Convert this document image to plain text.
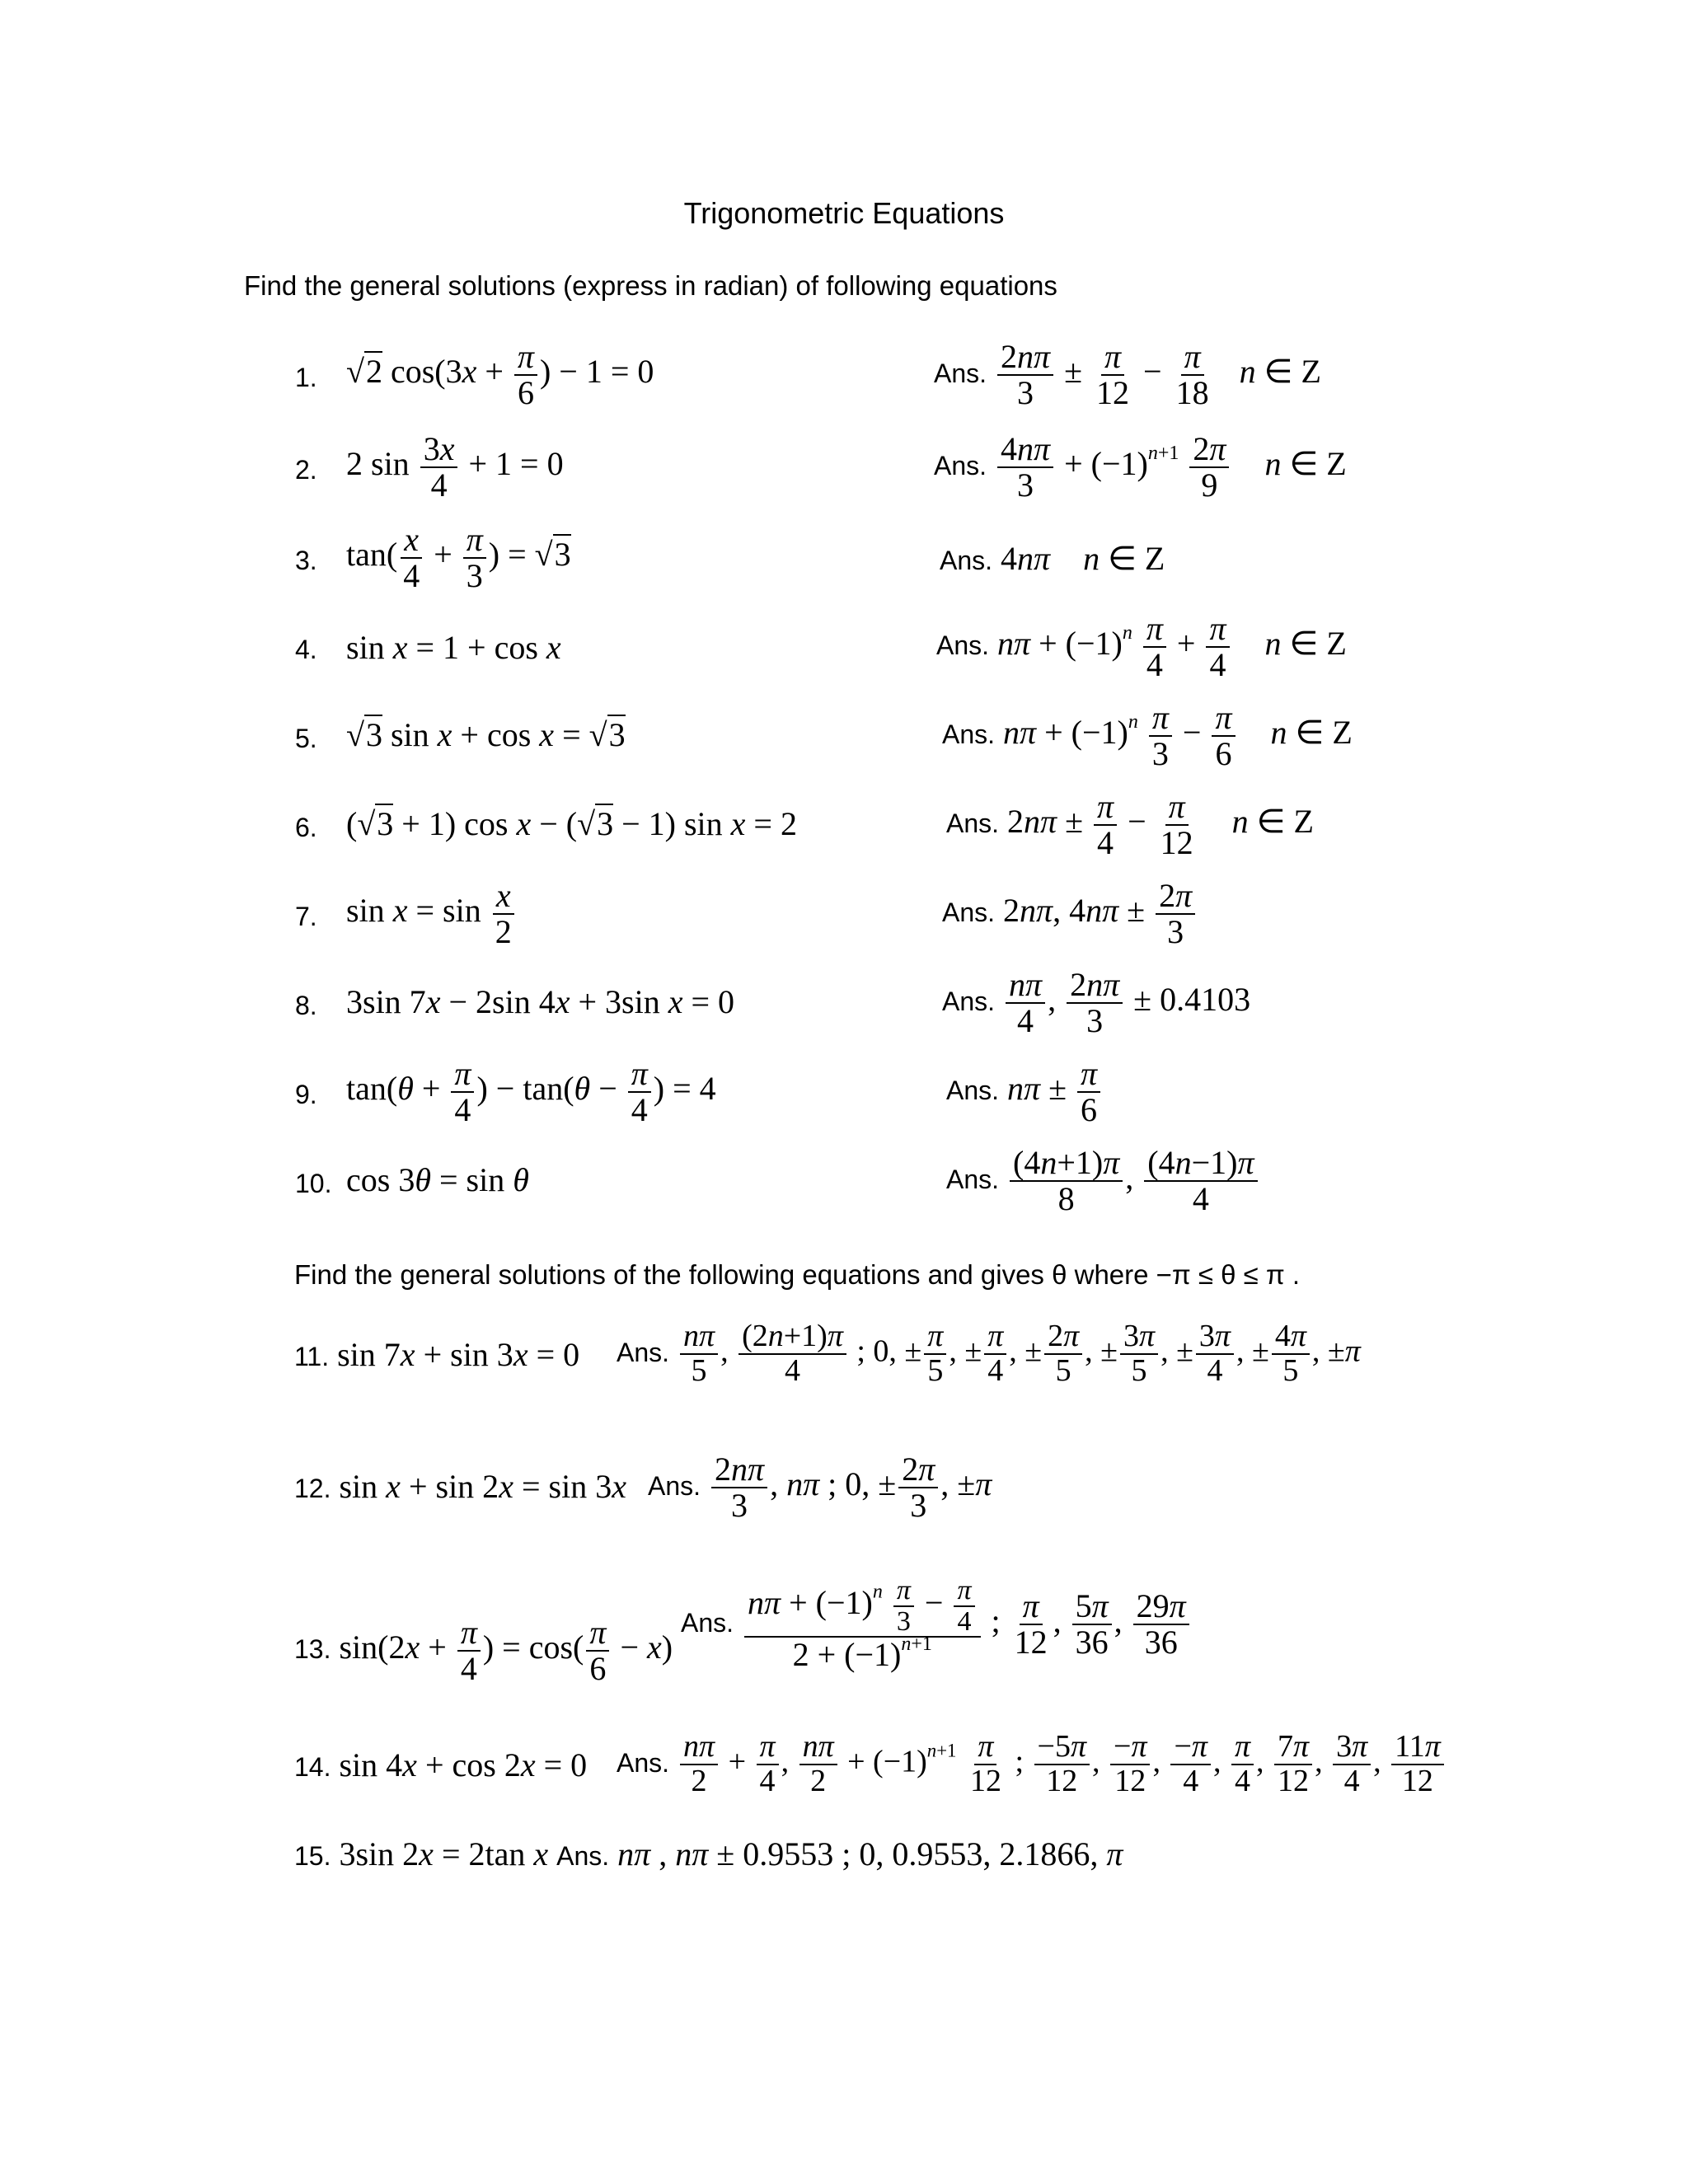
Trigonometric Equations
Find the general solutions (express in radian) of following equations
1. √2 $\cos(3x + \frac{\pi}{6}$ ) − 1 = 0	Ans. $\frac{2n\pi}{3} \pm \frac{\pi}{12} - \frac{\pi}{18}$ n ∈ Z
2. 2 $\sin \frac{3x}{4} + 1 = 0$	Ans. $\frac{4n\pi}{3} + (-1)^{n+1} \frac{2\pi}{9}$ n ∈ Z
3. $\tan( \frac{x}{4} + \frac{\pi}{3}$ ) = √3	Ans. 4nπ n ∈ Z
4. sin x = 1 + cos x	Ans. $n\pi + (-1)^n \frac{\pi}{4} + \frac{\pi}{4}$ n ∈ Z
5. √3 sin x + cos x = √3	Ans. $n\pi + (-1)^n \frac{\pi}{3} - \frac{\pi}{6}$ n ∈ Z
6. (√3 + 1) cos x − (√3 − 1) sin x = 2	Ans. $2n\pi \pm \frac{\pi}{4} - \frac{\pi}{12}$ n ∈ Z
7. $\sin x = \sin \frac{x}{2}$	Ans. 2nπ, $4n\pi \pm \frac{2\pi}{3}$
8. 3sin 7x − 2sin 4x + 3sin x = 0	Ans. $\frac{n\pi}{4}$ , $\frac{2n\pi}{3} \pm 0.4103$
9. $\tan(\theta + \frac{\pi}{4}$ ) − $\tan(\theta - \frac{\pi}{4}$ ) = 4	Ans. $n\pi \pm \frac{\pi}{6}$
10. cos 3θ = sin θ	Ans. $\frac{(4n+1)\pi}{8}$ , $\frac{(4n-1)\pi}{4}$
Find the general solutions of the following equations and gives θ where −π ≤ θ ≤ π .
11. sin 7x + sin 3x = 0 Ans. $\frac{n\pi}{5}$ , $\frac{(2n+1)\pi}{4}$ ; 0, ± $\frac{\pi}{5}$ , ± $\frac{\pi}{4}$ , ± $\frac{2\pi}{5}$ , ± $\frac{3\pi}{5}$ , ± $\frac{3\pi}{4}$ , ± $\frac{4\pi}{5}$ , ±π
12. sin x + sin 2x = sin 3x Ans. $\frac{2n\pi}{3}$ , nπ ; 0, ± $\frac{2\pi}{3}$ , ±π
13. $\sin(2x + \frac{\pi}{4}$ ) = $\cos( \frac{\pi}{6} - x)$
Ans. $\frac{n\pi + (-1)^n \frac{\pi}{3} - \frac{\pi}{4}}{2 + (-1)^{n+1}}$ ; $\frac{\pi}{12}$ , $\frac{5\pi}{36}$ , $\frac{29\pi}{36}$
14. sin 4x + cos 2x = 0 Ans. $\frac{n\pi}{2} + \frac{\pi}{4}$ , $\frac{n\pi}{2} + (-1)^{n+1} \frac{\pi}{12}$ ; $\frac{-5\pi}{12}$ , $\frac{-\pi}{12}$ , $\frac{-\pi}{4}$ , $\frac{\pi}{4}$ , $\frac{7\pi}{12}$ , $\frac{3\pi}{4}$ , $\frac{11\pi}{12}$
15. 3sin 2x = 2tan x Ans. nπ , nπ ± 0.9553 ; 0, 0.9553, 2.1866, π
